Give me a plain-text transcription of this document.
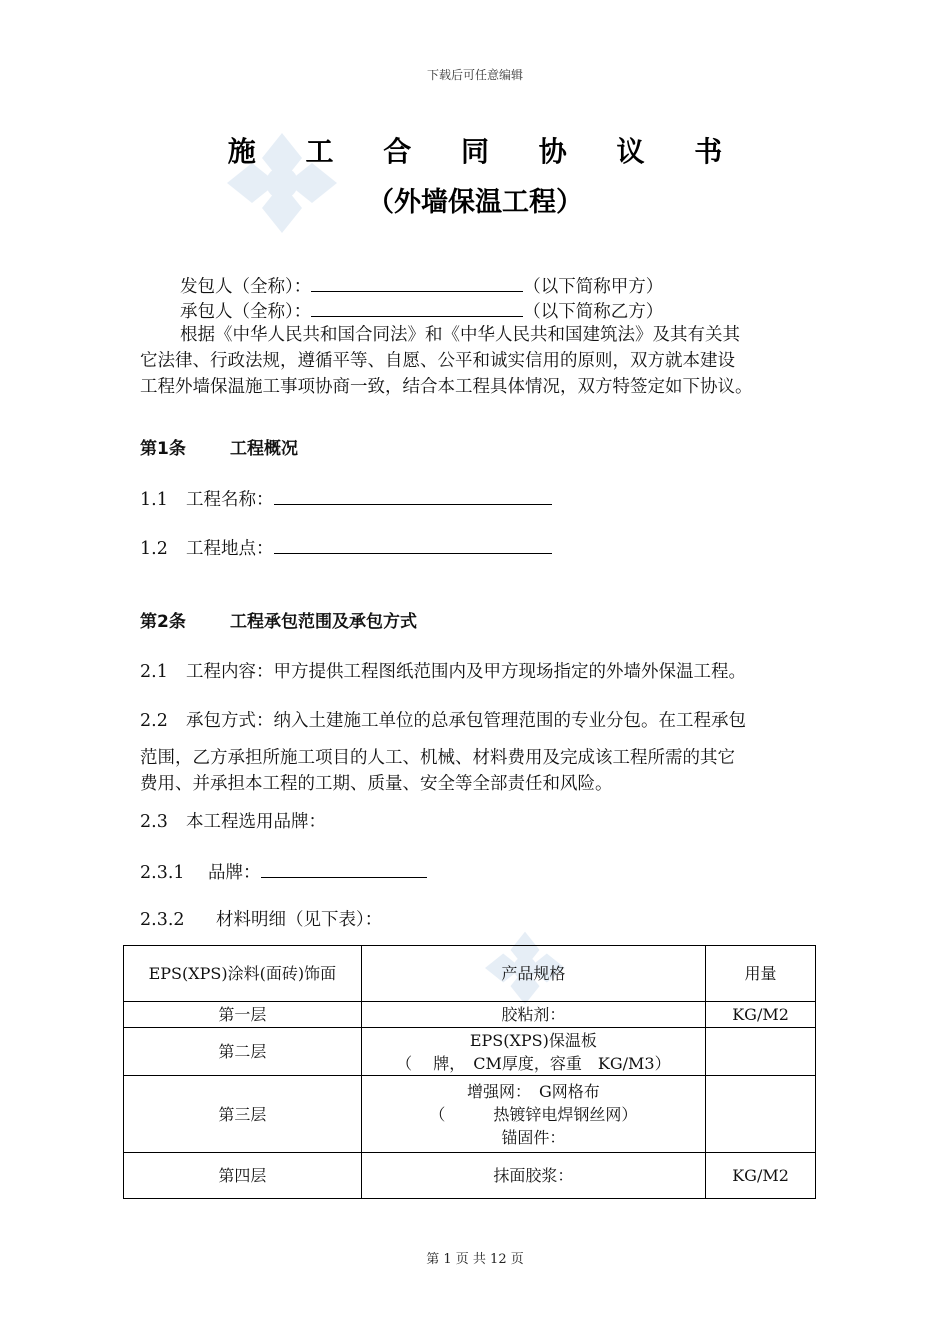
下载后可任意编辑
施 工 合 同 协 议 书
（外墙保温工程）
发包人（全称）：	（以下简称甲方）
承包人（全称）：	（以下简称乙方）
根据《中华人民共和国合同法》和《中华人民共和国建筑法》及其有关其
它法律、行政法规，遵循平等、自愿、公平和诚实信用的原则，双方就本建设
工程外墙保温施工事项协商一致，结合本工程具体情况，双方特签定如下协议。
第1条	工程概况
1.1 工程名称：
1.2 工程地点：
第2条	工程承包范围及承包方式
2.1 工程内容：甲方提供工程图纸范围内及甲方现场指定的外墙外保温工程。
2.2 承包方式：纳入土建施工单位的总承包管理范围的专业分包。在工程承包
范围，乙方承担所施工项目的人工、机械、材料费用及完成该工程所需的其它
费用、并承担本工程的工期、质量、安全等全部责任和风险。
2.3 本工程选用品牌：
2.3.1 品牌：
2.3.2 材料明细（见下表）：
EPS(XPS)涂料(面砖)饰面	产品规格	用量
第一层	胶粘剂：	KG/M2
第二层	EPS(XPS)保温板
（　 牌，　CM厚度，容重　KG/M3）	

第三层	增强网：　G网格布
（　　　热镀锌电焊钢丝网）
锚固件：	

第四层	抹面胶浆：	KG/M2
第 1 页 共 12 页
